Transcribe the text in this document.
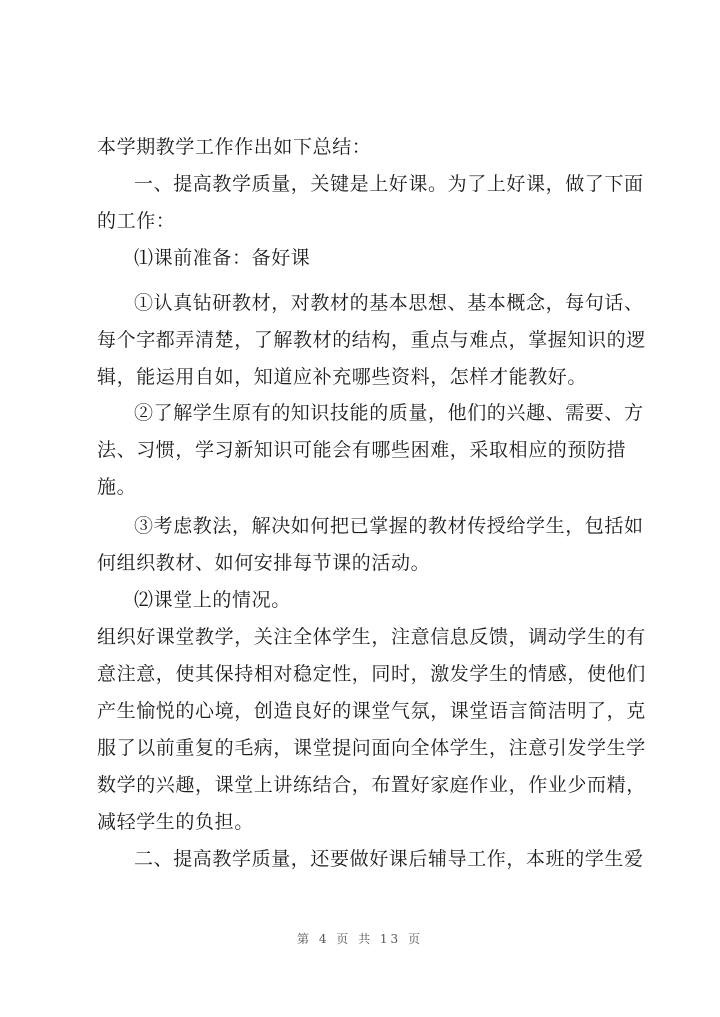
本学期教学工作作出如下总结：
一、提高教学质量，关键是上好课。为了上好课，做了下面
的工作：
⑴课前准备：备好课
①认真钻研教材，对教材的基本思想、基本概念，每句话、
每个字都弄清楚，了解教材的结构，重点与难点，掌握知识的逻
辑，能运用自如，知道应补充哪些资料，怎样才能教好。
②了解学生原有的知识技能的质量，他们的兴趣、需要、方
法、习惯，学习新知识可能会有哪些困难，采取相应的预防措
施。
③考虑教法，解决如何把已掌握的教材传授给学生，包括如
何组织教材、如何安排每节课的活动。
⑵课堂上的情况。
组织好课堂教学，关注全体学生，注意信息反馈，调动学生的有
意注意，使其保持相对稳定性，同时，激发学生的情感，使他们
产生愉悦的心境，创造良好的课堂气氛，课堂语言简洁明了，克
服了以前重复的毛病，课堂提问面向全体学生，注意引发学生学
数学的兴趣，课堂上讲练结合，布置好家庭作业，作业少而精，
减轻学生的负担。
二、提高教学质量，还要做好课后辅导工作，本班的学生爱
第 4 页 共 13 页
